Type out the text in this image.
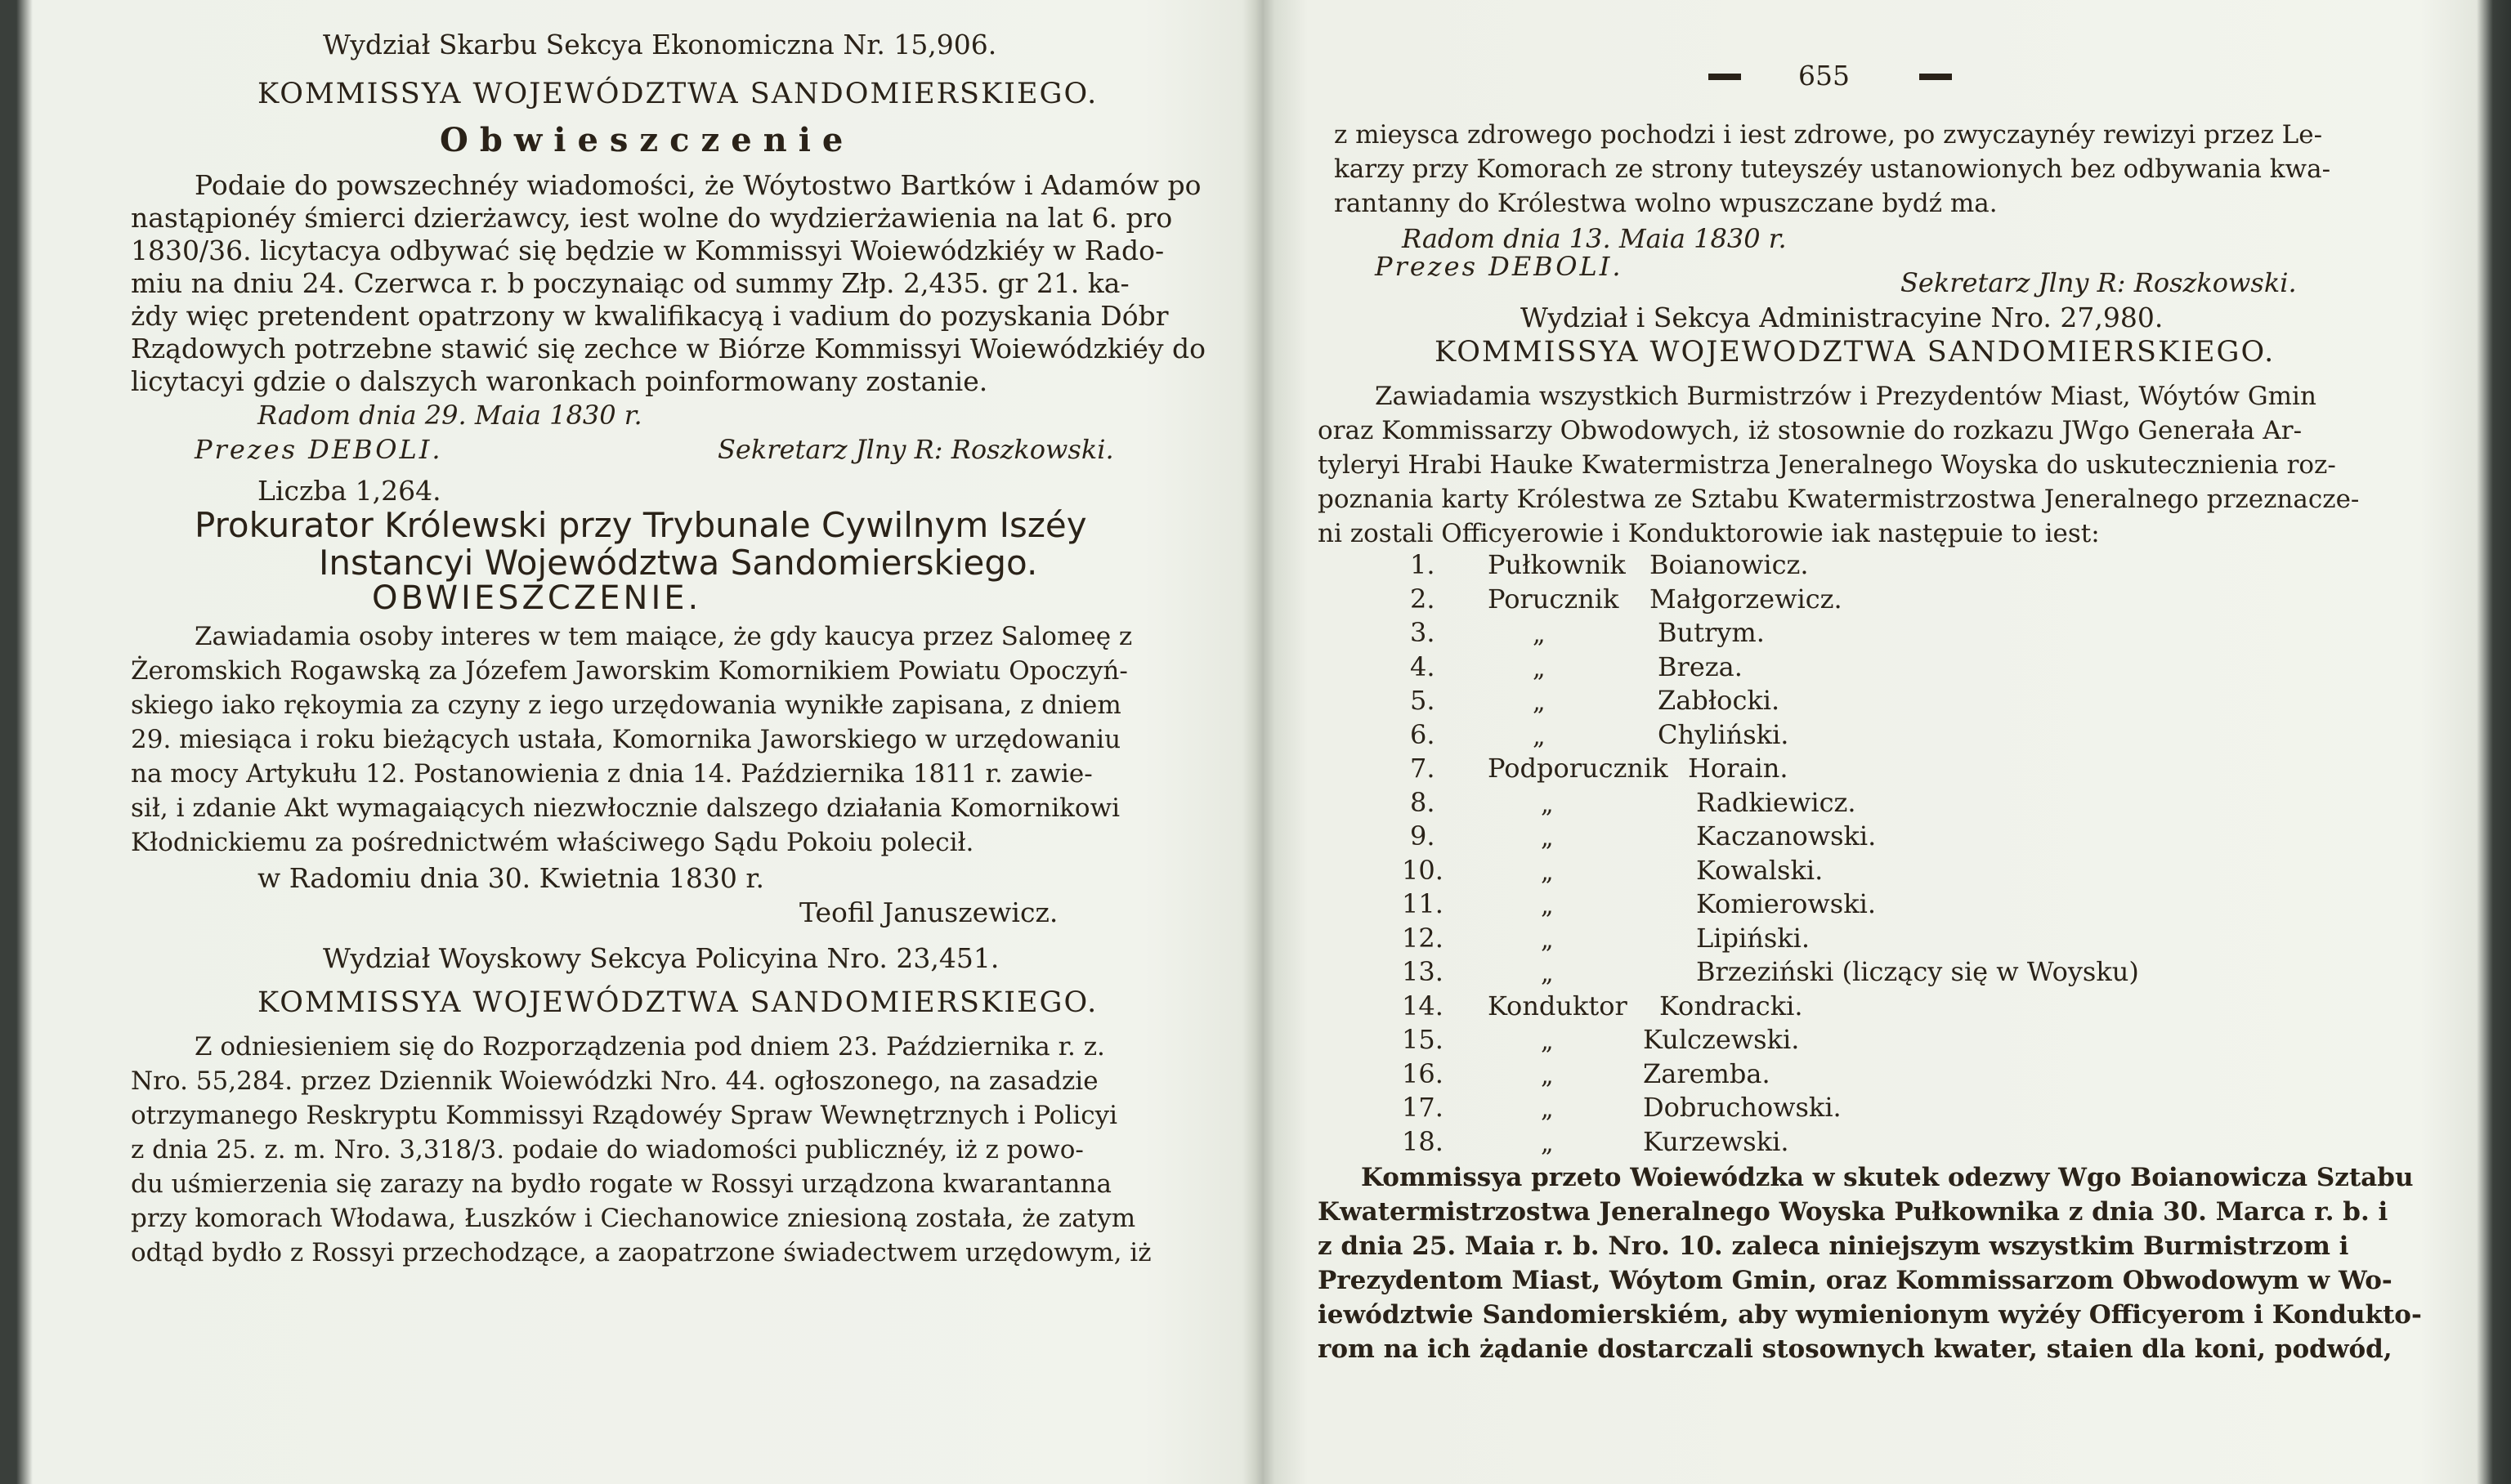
Wydział Skarbu Sekcya Ekonomiczna Nr. 15,906.
KOMMISSYA WOJEWÓDZTWA SANDOMIERSKIEGO.
Obwieszczenie
Podaie do powszechnéy wiadomości, że Wóytostwo Bartków i Adamów po
nastąpionéy śmierci dzierżawcy, iest wolne do wydzierżawienia na lat 6. pro
1830/36. licytacya odbywać się będzie w Kommissyi Woiewódzkiéy w Rado-
miu na dniu 24. Czerwca r. b poczynaiąc od summy Złp. 2,435. gr 21. ka-
żdy więc pretendent opatrzony w kwalifikacyą i vadium do pozyskania Dóbr
Rządowych potrzebne stawić się zechce w Biórze Kommissyi Woiewódzkiéy do
licytacyi gdzie o dalszych waronkach poinformowany zostanie.
Radom dnia 29. Maia 1830 r.
Prezes DEBOLI.	Sekretarz Jlny R: Roszkowski.
Liczba 1,264.
Prokurator Królewski przy Trybunale Cywilnym Iszéy
Instancyi Województwa Sandomierskiego.
OBWIESZCZENIE.
Zawiadamia osoby interes w tem maiące, że gdy kaucya przez Salomeę z
Żeromskich Rogawską za Józefem Jaworskim Komornikiem Powiatu Opoczyń-
skiego iako rękoymia za czyny z iego urzędowania wynikłe zapisana, z dniem
29. miesiąca i roku bieżących ustała, Komornika Jaworskiego w urzędowaniu
na mocy Artykułu 12. Postanowienia z dnia 14. Października 1811 r. zawie-
sił, i zdanie Akt wymagaiących niezwłocznie dalszego działania Komornikowi
Kłodnickiemu za pośrednictwém właściwego Sądu Pokoiu polecił.
w Radomiu dnia 30. Kwietnia 1830 r.
Teofil Januszewicz.
Wydział Woyskowy Sekcya Policyina Nro. 23,451.
KOMMISSYA WOJEWÓDZTWA SANDOMIERSKIEGO.
Z odniesieniem się do Rozporządzenia pod dniem 23. Października r. z.
Nro. 55,284. przez Dziennik Woiewódzki Nro. 44. ogłoszonego, na zasadzie
otrzymanego Reskryptu Kommissyi Rządowéy Spraw Wewnętrznych i Policyi
z dnia 25. z. m. Nro. 3,318/3. podaie do wiadomości publicznéy, iż z powo-
du uśmierzenia się zarazy na bydło rogate w Rossyi urządzona kwarantanna
przy komorach Włodawa, Łuszków i Ciechanowice zniesioną została, że zatym
odtąd bydło z Rossyi przechodzące, a zaopatrzone świadectwem urzędowym, iż
655
z mieysca zdrowego pochodzi i iest zdrowe, po zwyczaynéy rewizyi przez Le-
karzy przy Komorach ze strony tuteyszéy ustanowionych bez odbywania kwa-
rantanny do Królestwa wolno wpuszczane bydź ma.
Radom dnia 13. Maia 1830 r.
Prezes DEBOLI.
Sekretarz Jlny R: Roszkowski.
Wydział i Sekcya Administracyine Nro. 27,980.
KOMMISSYA WOJEWODZTWA SANDOMIERSKIEGO.
Zawiadamia wszystkich Burmistrzów i Prezydentów Miast, Wóytów Gmin
oraz Kommissarzy Obwodowych, iż stosownie do rozkazu JWgo Generała Ar-
tyleryi Hrabi Hauke Kwatermistrza Jeneralnego Woyska do uskutecznienia roz-
poznania karty Królestwa ze Sztabu Kwatermistrzostwa Jeneralnego przeznacze-
ni zostali Officyerowie i Konduktorowie iak następuie to iest:
1. Pułkownik Boianowicz.
2. Porucznik Małgorzewicz.
3.	„	Butrym.
4.	„	Breza.
5.	„	Zabłocki.
6.	„	Chyliński.
7. Podporucznik Horain.
8.	„	Radkiewicz.
9.	„	Kaczanowski.
10.	„	Kowalski.
11.	„	Komierowski.
12.	„	Lipiński.
13.	„	Brzeziński (liczący się w Woysku)
14. Konduktor Kondracki.
15.	„	Kulczewski.
16.	„	Zaremba.
17.	„	Dobruchowski.
18.	„	Kurzewski.
Kommissya przeto Woiewódzka w skutek odezwy Wgo Boianowicza Sztabu
Kwatermistrzostwa Jeneralnego Woyska Pułkownika z dnia 30. Marca r. b. i
z dnia 25. Maia r. b. Nro. 10. zaleca niniejszym wszystkim Burmistrzom i
Prezydentom Miast, Wóytom Gmin, oraz Kommissarzom Obwodowym w Wo-
iewództwie Sandomierskiém, aby wymienionym wyżéy Officyerom i Konduktо-
rom na ich żądanie dostarczali stosownych kwater, staien dla koni, podwód,
